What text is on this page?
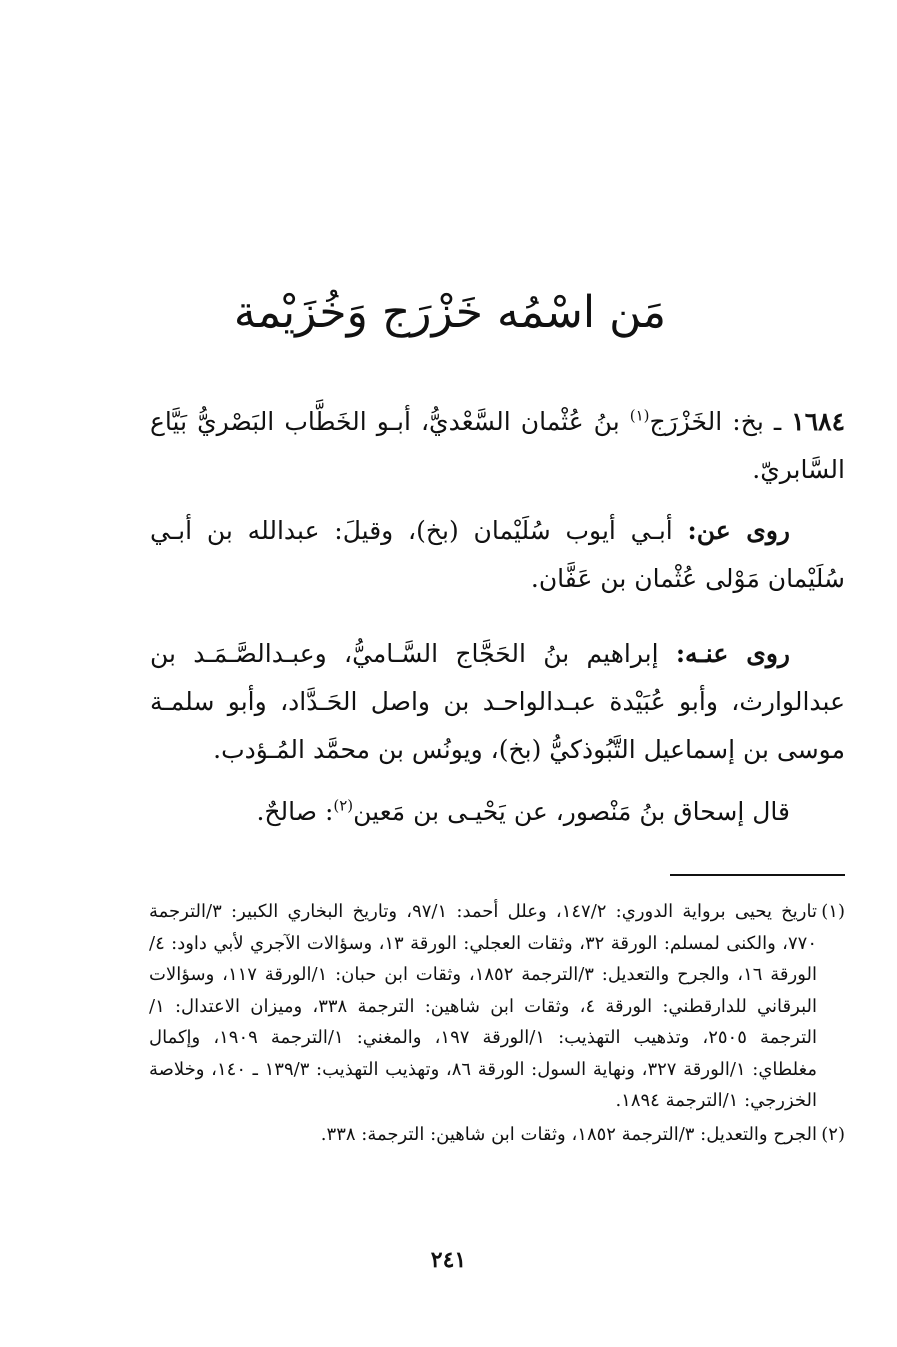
مَن اسْمُه خَزْرَج وَخُزَيْمة

١٦٨٤ ـ بخ: الخَزْرَج$^{(١)}$ بنُ عُثْمان السَّعْديُّ، أبـو الخَطَّاب البَصْريُّ بَيَّاع السَّابريّ.

روى عن: أبـي أيوب سُلَيْمان (بخ)، وقيلَ: عبدالله بن أبـي سُلَيْمان مَوْلى عُثْمان بن عَفَّان.

روى عنـه: إبراهيم بنُ الحَجَّاج السَّـاميُّ، وعبـدالصَّـمَـد بن عبدالوارث، وأبو عُبَيْدة عبـدالواحـد بن واصل الحَـدَّاد، وأبو سلمـة موسى بن إسماعيل التَّبُوذكيُّ (بخ)، ويونُس بن محمَّد المُـؤدب.

قال إسحاق بنُ مَنْصور، عن يَحْيـى بن مَعين$^{(٢)}$: صالحٌ.

(١)
تاريخ يحيى برواية الدوري: ١٤٧/٢، وعلل أحمد: ٩٧/١، وتاريخ البخاري الكبير: ٣/الترجمة ٧٧٠، والكنى لمسلم: الورقة ٣٢، وثقات العجلي: الورقة ١٣، وسؤالات الآجري لأبي داود: ٤/الورقة ١٦، والجرح والتعديل: ٣/الترجمة ١٨٥٢، وثقات ابن حبان: ١/الورقة ١١٧، وسؤالات البرقاني للدارقطني: الورقة ٤، وثقات ابن شاهين: الترجمة ٣٣٨، وميزان الاعتدال: ١/الترجمة ٢٥٠٥، وتذهيب التهذيب: ١/الورقة ١٩٧، والمغني: ١/الترجمة ١٩٠٩، وإكمال مغلطاي: ١/الورقة ٣٢٧، ونهاية السول: الورقة ٨٦، وتهذيب التهذيب: ١٣٩/٣ ـ ١٤٠، وخلاصة الخزرجي: ١/الترجمة ١٨٩٤.

(٢)
الجرح والتعديل: ٣/الترجمة ١٨٥٢، وثقات ابن شاهين: الترجمة: ٣٣٨.

٢٤١
